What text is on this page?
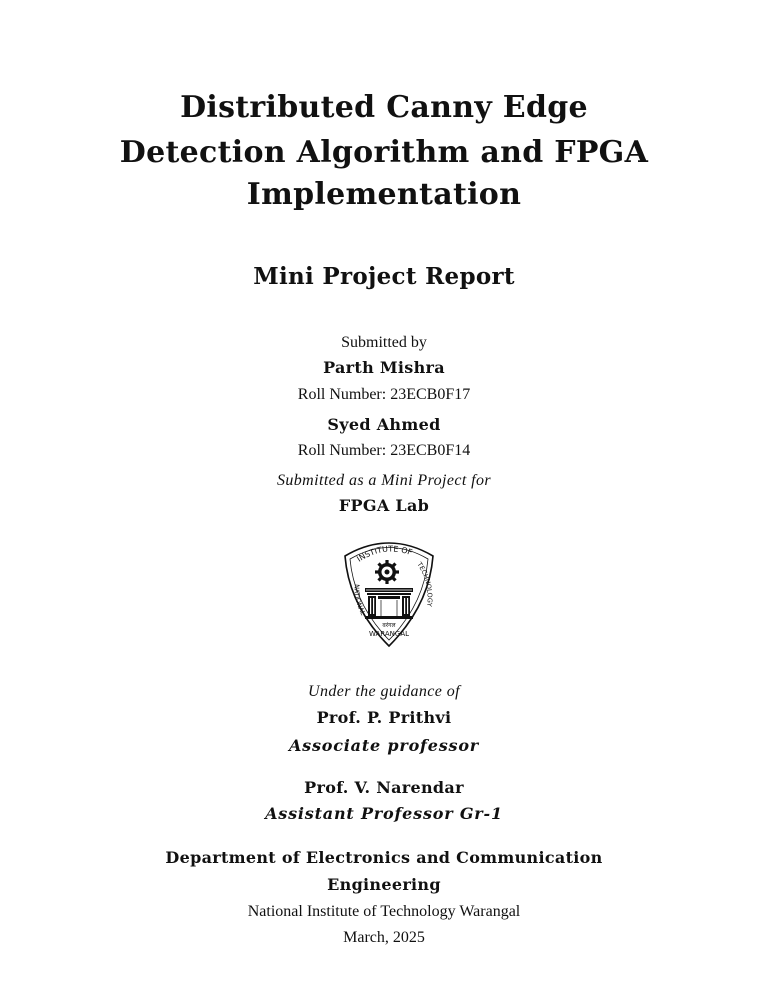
Distributed Canny Edge
Detection Algorithm and FPGA
Implementation
Mini Project Report
Submitted by
Parth Mishra
Roll Number: 23ECB0F17
Syed Ahmed
Roll Number: 23ECB0F14
Submitted as a Mini Project for
FPGA Lab
INSTITUTE OF
NATIONAL
TECHNOLOGY
वरंगल
WARANGAL
Under the guidance of
Prof. P. Prithvi
Associate professor
Prof. V. Narendar
Assistant Professor Gr-1
Department of Electronics and Communication
Engineering
National Institute of Technology Warangal
March, 2025
